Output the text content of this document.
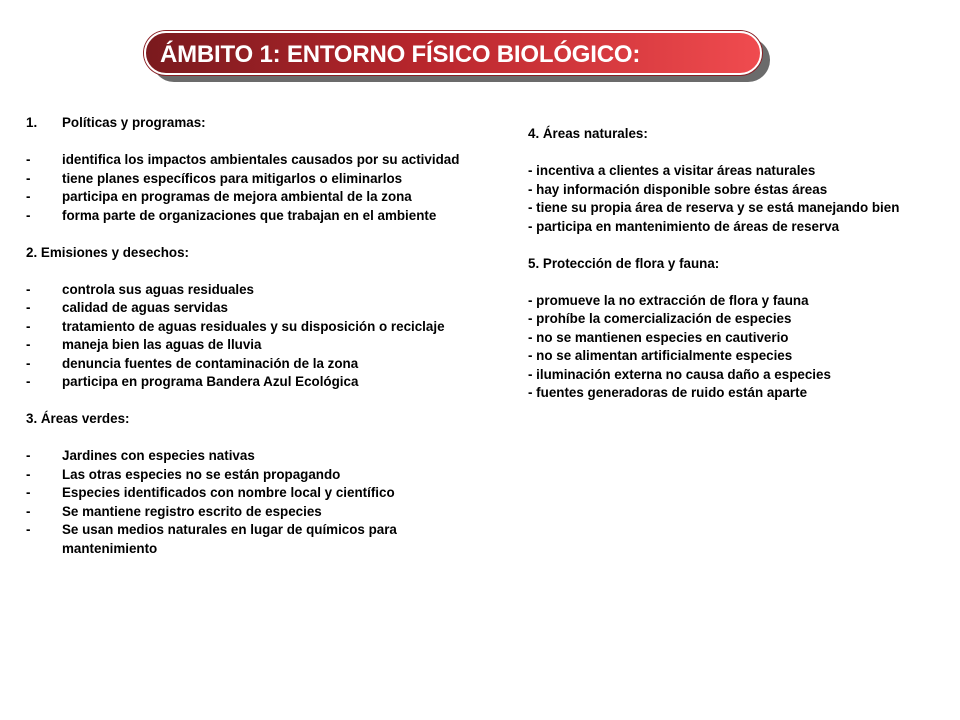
ÁMBITO 1: ENTORNO FÍSICO BIOLÓGICO:
1.	Políticas y programas:
-	identifica los impactos ambientales causados por su actividad
-	tiene planes específicos para mitigarlos o eliminarlos
-	participa en programas de mejora ambiental de la zona
-	forma parte de organizaciones que trabajan en el ambiente
2. Emisiones y desechos:
-	controla sus aguas residuales
-	calidad de aguas servidas
-	tratamiento de aguas residuales y su disposición o reciclaje
-	maneja bien las aguas de lluvia
-	denuncia fuentes de contaminación de la zona
-	participa en programa Bandera Azul Ecológica
3. Áreas verdes:
-	Jardines con especies nativas
-	Las otras especies no se están propagando
-	Especies identificados con nombre local y científico
-	Se mantiene registro escrito de especies
-	Se usan medios naturales en lugar de químicos para mantenimiento
4. Áreas naturales:
- incentiva a clientes a visitar áreas naturales
- hay información disponible sobre éstas áreas
- tiene su propia área de reserva y se está manejando bien
- participa en mantenimiento de áreas de reserva
5. Protección de flora y fauna:
- promueve la no extracción de flora y fauna
- prohíbe la comercialización de especies
- no se mantienen especies en cautiverio
- no se alimentan artificialmente especies
- iluminación externa no causa daño a especies
- fuentes generadoras de ruido están aparte
